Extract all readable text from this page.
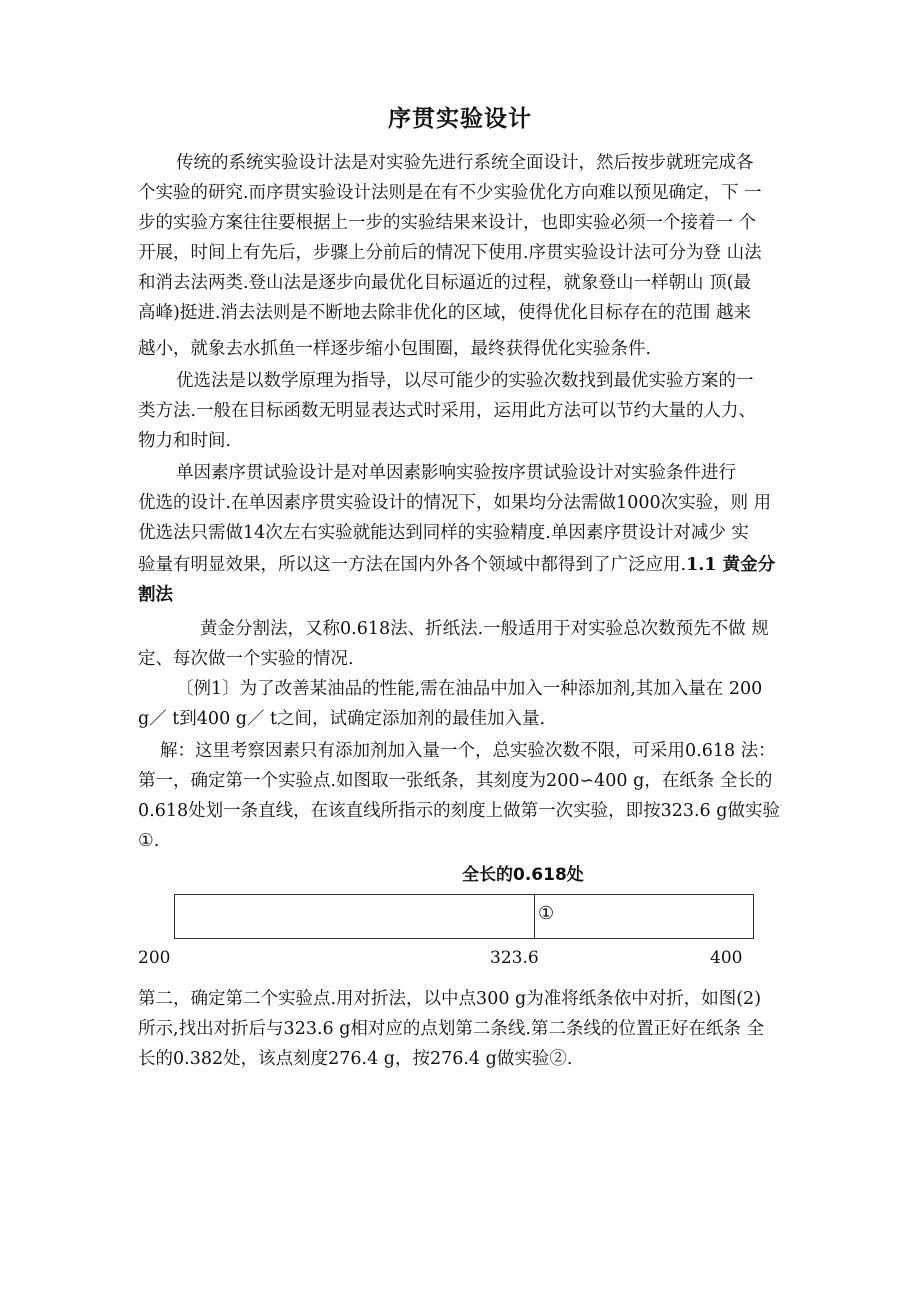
序贯实验设计
传统的系统实验设计法是对实验先进行系统全面设计，然后按步就班完成各
个实验的研究.而序贯实验设计法则是在有不少实验优化方向难以预见确定，下 一
步的实验方案往往要根据上一步的实验结果来设计，也即实验必须一个接着一 个
开展，时间上有先后，步骤上分前后的情况下使用.序贯实验设计法可分为登 山法
和消去法两类.登山法是逐步向最优化目标逼近的过程，就象登山一样朝山 顶(最
高峰)挺进.消去法则是不断地去除非优化的区域，使得优化目标存在的范围 越来
越小，就象去水抓鱼一样逐步缩小包围圈，最终获得优化实验条件.
优选法是以数学原理为指导，以尽可能少的实验次数找到最优实验方案的一
类方法.一般在目标函数无明显表达式时采用，运用此方法可以节约大量的人力、
物力和时间.
单因素序贯试验设计是对单因素影响实验按序贯试验设计对实验条件进行
优选的设计.在单因素序贯实验设计的情况下，如果均分法需做1000次实验，则 用
优选法只需做14次左右实验就能达到同样的实验精度.单因素序贯设计对减少 实
验量有明显效果，所以这一方法在国内外各个领域中都得到了广泛应用.1.1 黄金分
割法
黄金分割法，又称0.618法、折纸法.一般适用于对实验总次数预先不做 规
定、每次做一个实验的情况.
〔例1〕为了改善某油品的性能,需在油品中加入一种添加剂,其加入量在 200
g／ t到400 g／ t之间，试确定添加剂的最佳加入量.
解：这里考察因素只有添加剂加入量一个，总实验次数不限，可采用0.618 法：
第一，确定第一个实验点.如图取一张纸条，其刻度为200∽400 g，在纸条 全长的
0.618处划一条直线，在该直线所指示的刻度上做第一次实验，即按323.6 g做实验
①.
全长的0.618处
①
200	323.6	400
第二，确定第二个实验点.用对折法，以中点300 g为准将纸条依中对折，如图(2)
所示,找出对折后与323.6 g相对应的点划第二条线.第二条线的位置正好在纸条 全
长的0.382处，该点刻度276.4 g，按276.4 g做实验②.
